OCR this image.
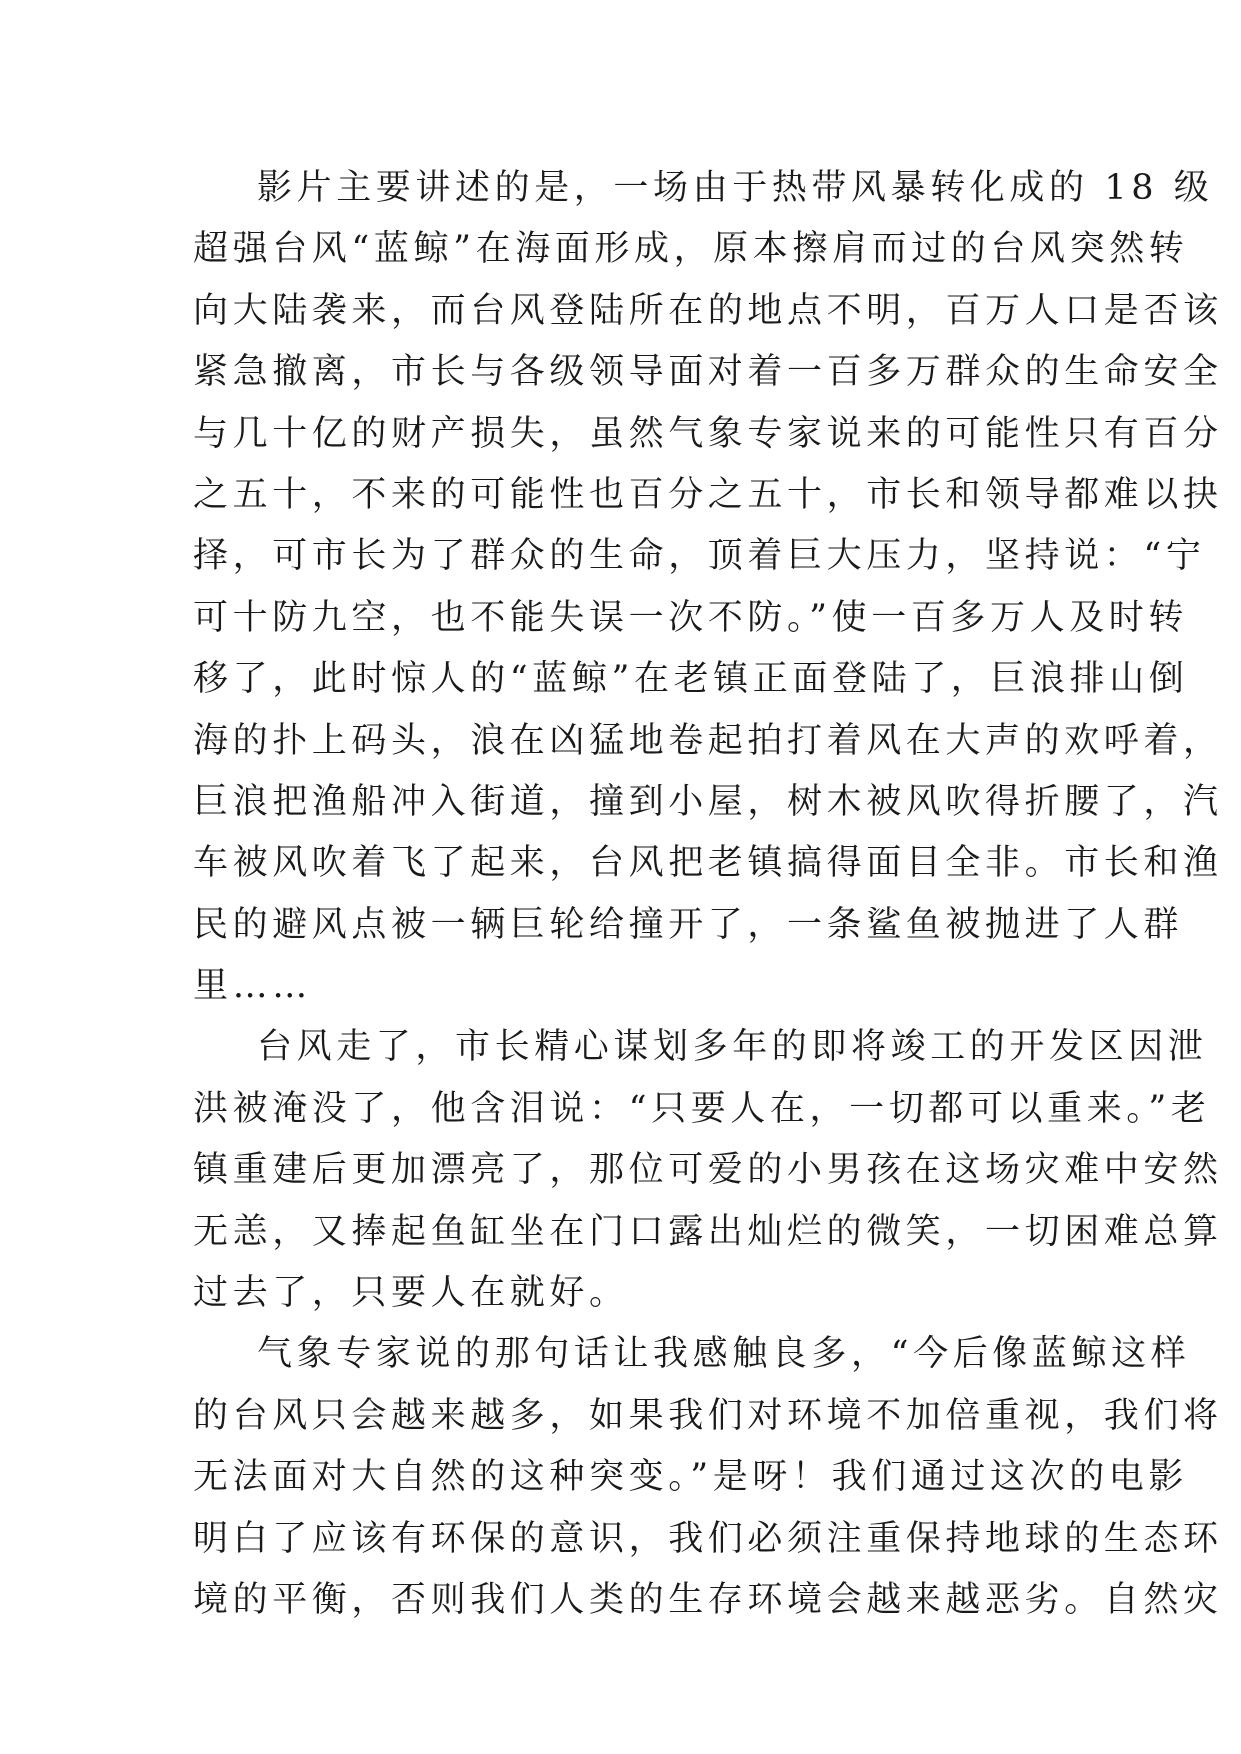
影片主要讲述的是，一场由于热带风暴转化成的 18 级
超强台风“蓝鲸”在海面形成，原本擦肩而过的台风突然转
向大陆袭来，而台风登陆所在的地点不明，百万人口是否该
紧急撤离，市长与各级领导面对着一百多万群众的生命安全
与几十亿的财产损失，虽然气象专家说来的可能性只有百分
之五十，不来的可能性也百分之五十，市长和领导都难以抉
择，可市长为了群众的生命，顶着巨大压力，坚持说：“宁
可十防九空，也不能失误一次不防。”使一百多万人及时转
移了，此时惊人的“蓝鲸”在老镇正面登陆了，巨浪排山倒
海的扑上码头，浪在凶猛地卷起拍打着风在大声的欢呼着，
巨浪把渔船冲入街道，撞到小屋，树木被风吹得折腰了，汽
车被风吹着飞了起来，台风把老镇搞得面目全非。市长和渔
民的避风点被一辆巨轮给撞开了，一条鲨鱼被抛进了人群
里……
台风走了，市长精心谋划多年的即将竣工的开发区因泄
洪被淹没了，他含泪说：“只要人在，一切都可以重来。”老
镇重建后更加漂亮了，那位可爱的小男孩在这场灾难中安然
无恙，又捧起鱼缸坐在门口露出灿烂的微笑，一切困难总算
过去了，只要人在就好。
气象专家说的那句话让我感触良多，“今后像蓝鲸这样
的台风只会越来越多，如果我们对环境不加倍重视，我们将
无法面对大自然的这种突变。”是呀！我们通过这次的电影
明白了应该有环保的意识，我们必须注重保持地球的生态环
境的平衡，否则我们人类的生存环境会越来越恶劣。自然灾
